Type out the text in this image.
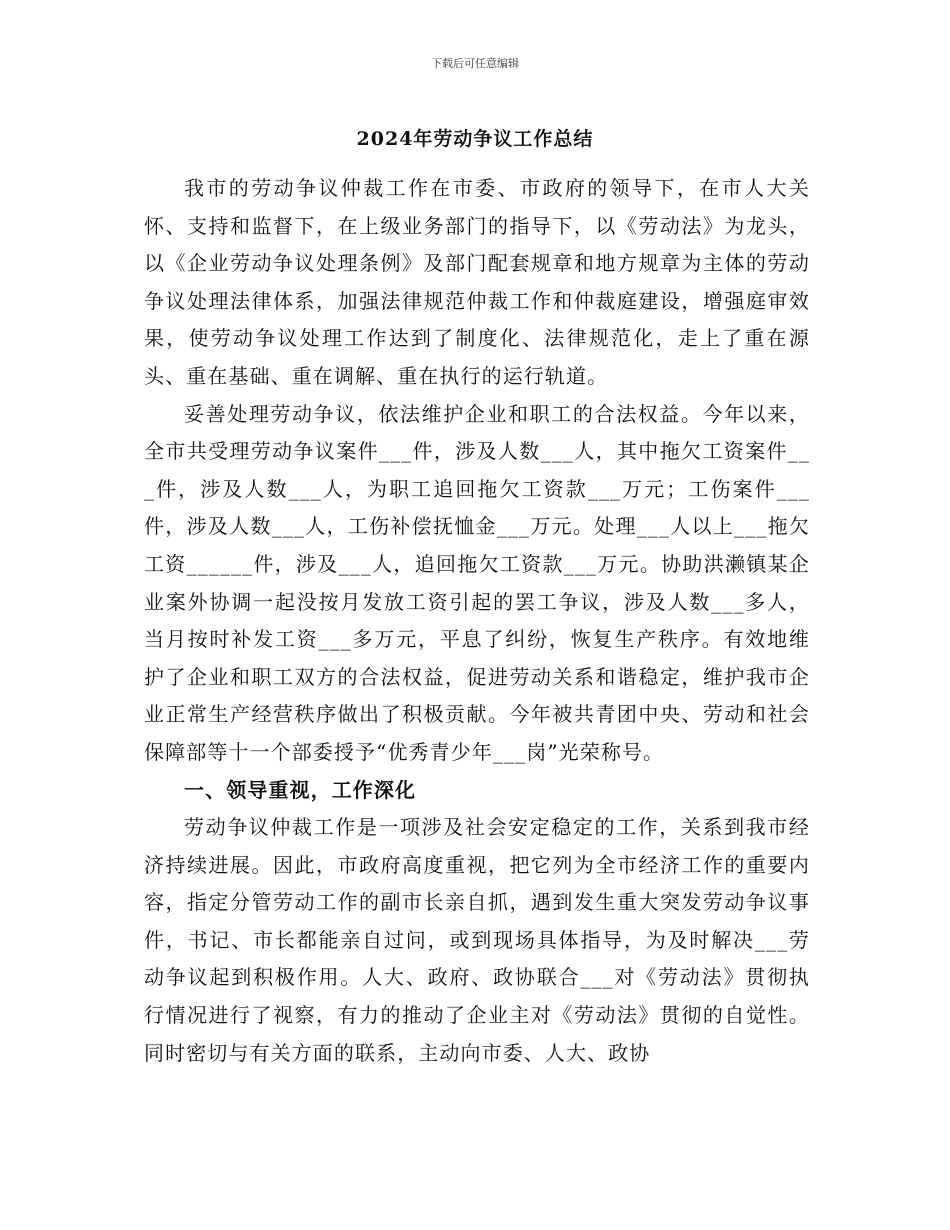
下载后可任意编辑
2024年劳动争议工作总结

我市的劳动争议仲裁工作在市委、市政府的领导下，在市人大关怀、支持和监督下，在上级业务部门的指导下，以《劳动法》为龙头，以《企业劳动争议处理条例》及部门配套规章和地方规章为主体的劳动争议处理法律体系，加强法律规范仲裁工作和仲裁庭建设，增强庭审效果，使劳动争议处理工作达到了制度化、法律规范化，走上了重在源头、重在基础、重在调解、重在执行的运行轨道。

妥善处理劳动争议，依法维护企业和职工的合法权益。今年以来，全市共受理劳动争议案件___件，涉及人数___人，其中拖欠工资案件___件，涉及人数___人，为职工追回拖欠工资款___万元；工伤案件___件，涉及人数___人，工伤补偿抚恤金___万元。处理___人以上___拖欠工资______件，涉及___人，追回拖欠工资款___万元。协助洪濑镇某企业案外协调一起没按月发放工资引起的罢工争议，涉及人数___多人，当月按时补发工资___多万元，平息了纠纷，恢复生产秩序。有效地维护了企业和职工双方的合法权益，促进劳动关系和谐稳定，维护我市企业正常生产经营秩序做出了积极贡献。今年被共青团中央、劳动和社会保障部等十一个部委授予“优秀青少年___岗”光荣称号。

一、领导重视，工作深化

劳动争议仲裁工作是一项涉及社会安定稳定的工作，关系到我市经济持续进展。因此，市政府高度重视，把它列为全市经济工作的重要内容，指定分管劳动工作的副市长亲自抓，遇到发生重大突发劳动争议事件，书记、市长都能亲自过问，或到现场具体指导，为及时解决___劳动争议起到积极作用。人大、政府、政协联合___对《劳动法》贯彻执行情况进行了视察，有力的推动了企业主对《劳动法》贯彻的自觉性。同时密切与有关方面的联系，主动向市委、人大、政协
